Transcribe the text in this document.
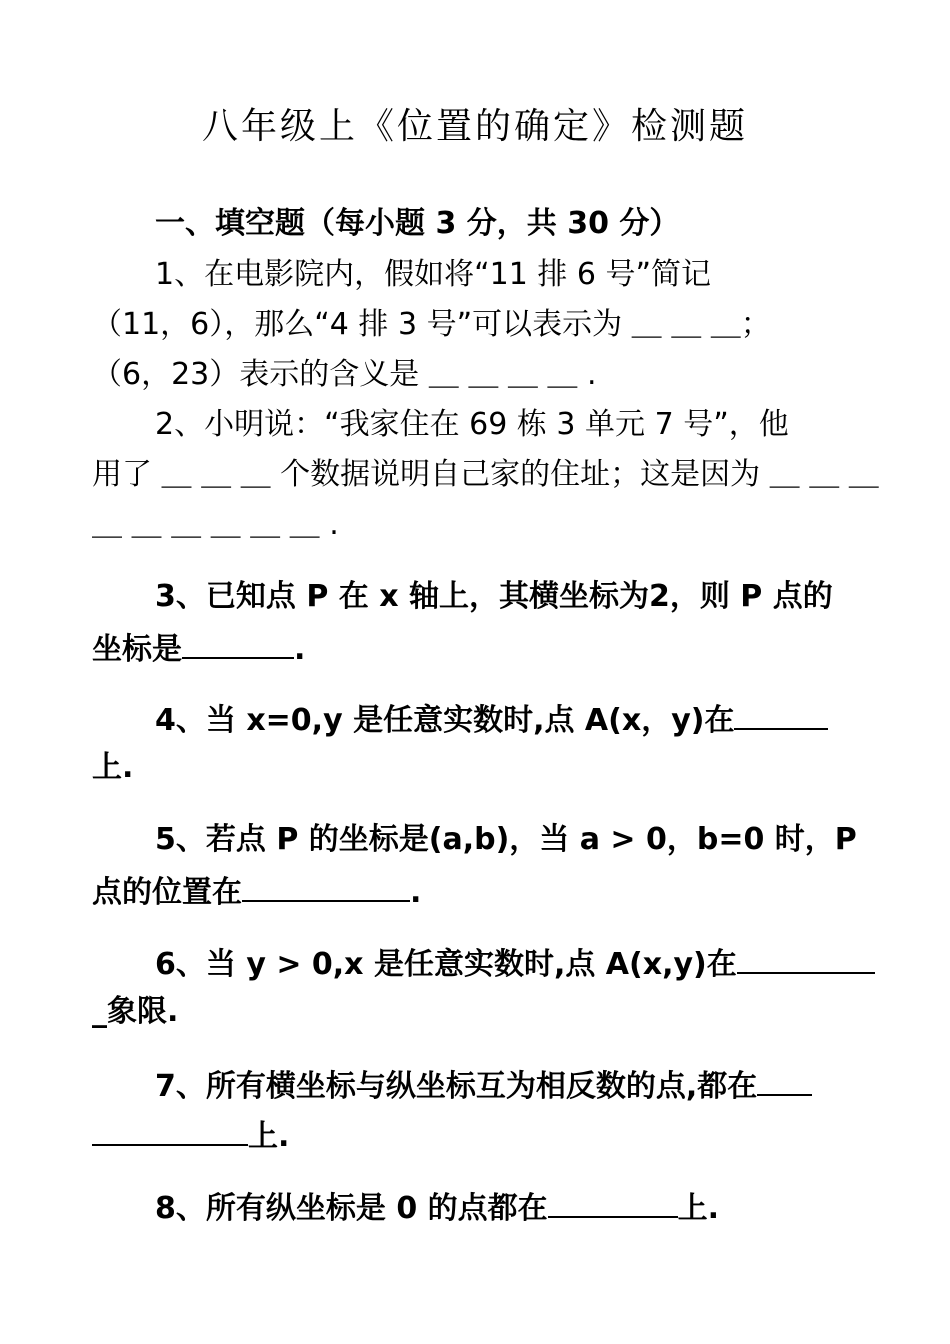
八年级上《位置的确定》检测题
一、填空题（每小题 3 分，共 30 分）
1、在电影院内，假如将“11 排 6 号”简记
（11，6），那么“4 排 3 号”可以表示为 ＿ ＿ ＿；
（6，23）表示的含义是 ＿ ＿ ＿ ＿ .
2、小明说：“我家住在 69 栋 3 单元 7 号”，他
用了 ＿ ＿ ＿ 个数据说明自己家的住址；这是因为 ＿ ＿ ＿
＿ ＿ ＿ ＿ ＿ ＿ .
3、已知点 P 在 x 轴上，其横坐标为2，则 P 点的
坐标是	.
4、当 x=0,y 是任意实数时,点 A(x，y)在
上.
5、若点 P 的坐标是(a,b)，当 a > 0，b=0 时，P
点的位置在	.
6、当 y > 0,x 是任意实数时,点 A(x,y)在
_象限.
7、所有横坐标与纵坐标互为相反数的点,都在
上.
8、所有纵坐标是 0 的点都在	上.
